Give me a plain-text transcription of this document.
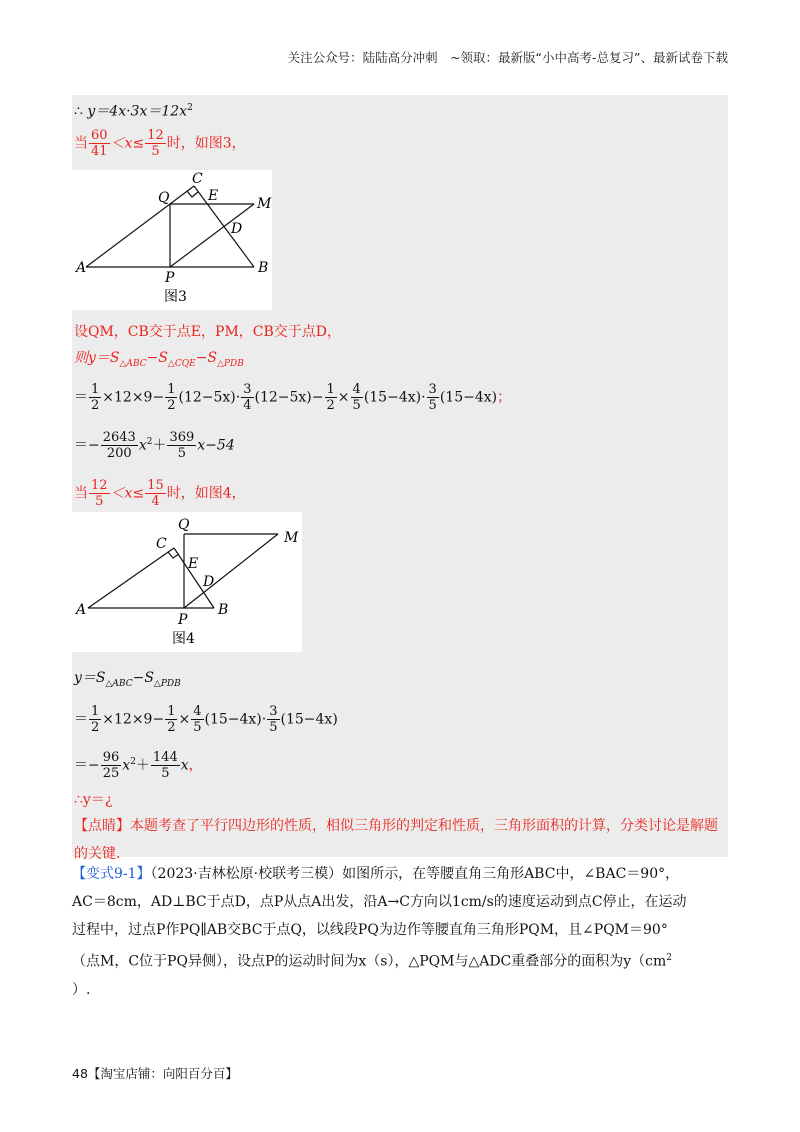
关注公众号：陆陆高分冲刺　~领取：最新版“小中高考-总复习”、最新试卷下载
∴ $y=4x\cdot 3x=12x^2$
当 $\frac{60}{41} <x\le \frac{12}{5}$ 时，如图3，
A	B
C
E	M
Q
D
P
图3
设QM，CB交于点E，PM，CB交于点D，
则$y=S_{\triangle ABC}-S_{\triangle CQE}-S_{\triangle PDB}$
＝ $\frac{1}{2} \times 12\times 9- \frac{1}{2} (12-5x)\cdot \frac{3}{4} (12-5x)- \frac{1}{2} \times \frac{4}{5} (15-4x)\cdot \frac{3}{5} (15-4x)$；
＝− $\frac{2643}{200} x^2+ \frac{369}{5} x-54$
当 $\frac{12}{5} <x\le \frac{15}{4}$ 时，如图4，
A	B
C
E
M
Q
D
P
图4
$y=S_{\triangle ABC}-S_{\triangle PDB}$
＝ $\frac{1}{2} \times 12\times 9- \frac{1}{2} \times \frac{4}{5} (15-4x)\cdot \frac{3}{5} (15-4x)$
＝− $\frac{96}{25} x^2+ \frac{144}{5}$ x，
∴y＝¿
【点睛】本题考查了平行四边形的性质，相似三角形的判定和性质，三角形面积的计算，分类讨论是解题的关键.
【变式9-1】（2023·吉林松原·校联考三模）如图所示，在等腰直角三角形ABC中，∠BAC＝90°，
AC＝8cm，AD⊥BC于点D，点P从点A出发，沿A→C方向以1cm/s的速度运动到点C停止，在运动
过程中，过点P作PQ∥AB交BC于点Q，以线段PQ为边作等腰直角三角形PQM，且∠PQM＝90°
（点M，C位于PQ异侧），设点P的运动时间为x（s），△PQM与△ADC重叠部分的面积为$y(cm^2$
）.
48【淘宝店铺：向阳百分百】
